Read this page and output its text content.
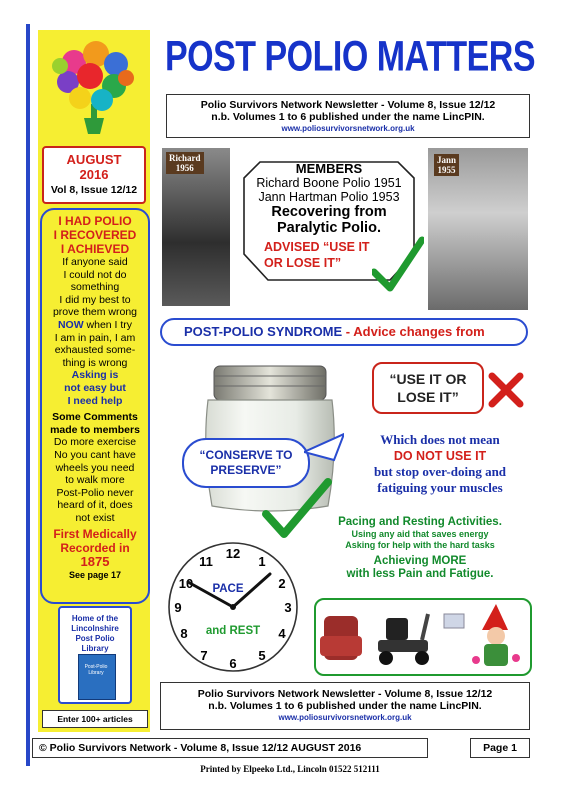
AUGUST
2016
Vol 8, Issue 12/12
I HAD POLIO
I RECOVERED
I ACHIEVED
If anyone said
I could not do
something
I did my best to
prove them wrong
NOW when I try
I am in pain, I am
exhausted some-
thing is wrong
Asking is
not easy but
I need help
Some Comments
made to members
Do more exercise
No you cant have
wheels you need
to walk more
Post-Polio never
heard of it, does
not exist
First Medically
Recorded in
1875
See page 17
Home of the
Lincolnshire
Post Polio
Library
Post-Polio Library
Enter 100+ articles
POST POLIO MATTERS
Polio Survivors Network Newsletter - Volume 8, Issue 12/12
n.b. Volumes 1 to 6 published under the name LincPIN.
www.poliosurvivorsnetwork.org.uk
Richard
1956
Jann
1955
MEMBERS
Richard Boone Polio 1951
Jann Hartman Polio 1953
Recovering from
Paralytic Polio.
ADVISED “USE IT
OR LOSE IT”
POST-POLIO SYNDROME - Advice changes from
“USE IT OR
LOSE IT”
“CONSERVE TO
PRESERVE”
Which does not mean
DO NOT USE IT
but stop over-doing and
fatiguing your muscles
Pacing and Resting Activities.
Using any aid that saves energy
Asking for help with the hard tasks
Achieving MORE
with less Pain and Fatigue.
12
1
2
3
4
5
6
7
8
9
10
11
PACE
and REST
Polio Survivors Network Newsletter - Volume 8, Issue 12/12
n.b. Volumes 1 to 6 published under the name LincPIN.
www.poliosurvivorsnetwork.org.uk
© Polio Survivors Network - Volume 8, Issue 12/12 AUGUST 2016	Page 1
Printed by Elpeeko Ltd., Lincoln 01522 512111
